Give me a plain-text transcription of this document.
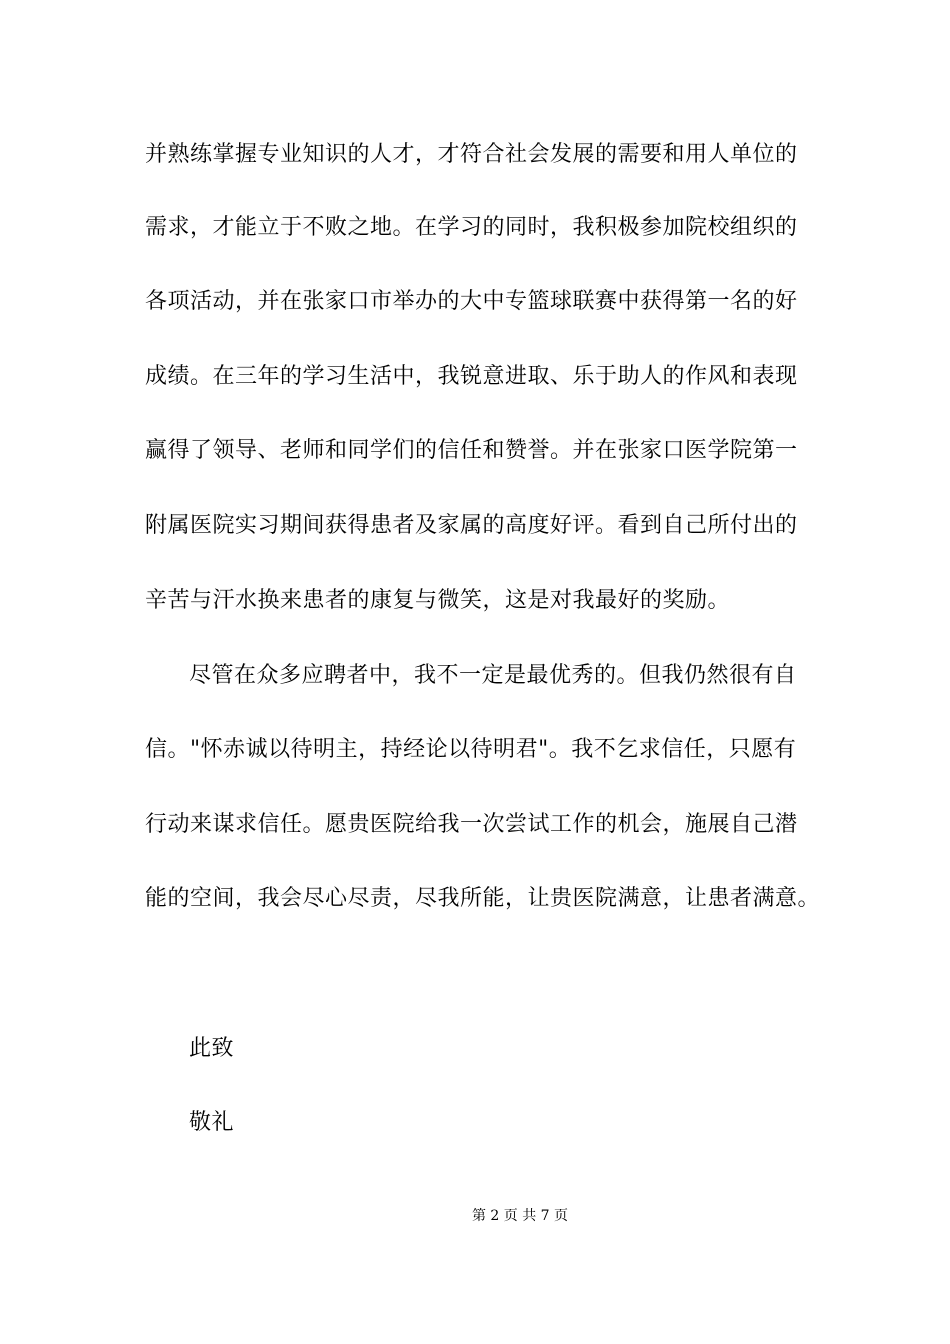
并熟练掌握专业知识的人才，才符合社会发展的需要和用人单位的
需求，才能立于不败之地。在学习的同时，我积极参加院校组织的
各项活动，并在张家口市举办的大中专篮球联赛中获得第一名的好
成绩。在三年的学习生活中，我锐意进取、乐于助人的作风和表现
赢得了领导、老师和同学们的信任和赞誉。并在张家口医学院第一
附属医院实习期间获得患者及家属的高度好评。看到自己所付出的
辛苦与汗水换来患者的康复与微笑，这是对我最好的奖励。
尽管在众多应聘者中，我不一定是最优秀的。但我仍然很有自
信。"怀赤诚以待明主，持经论以待明君"。我不乞求信任，只愿有
行动来谋求信任。愿贵医院给我一次尝试工作的机会，施展自己潜
能的空间，我会尽心尽责，尽我所能，让贵医院满意，让患者满意。
此致
敬礼
第 2 页 共 7 页
